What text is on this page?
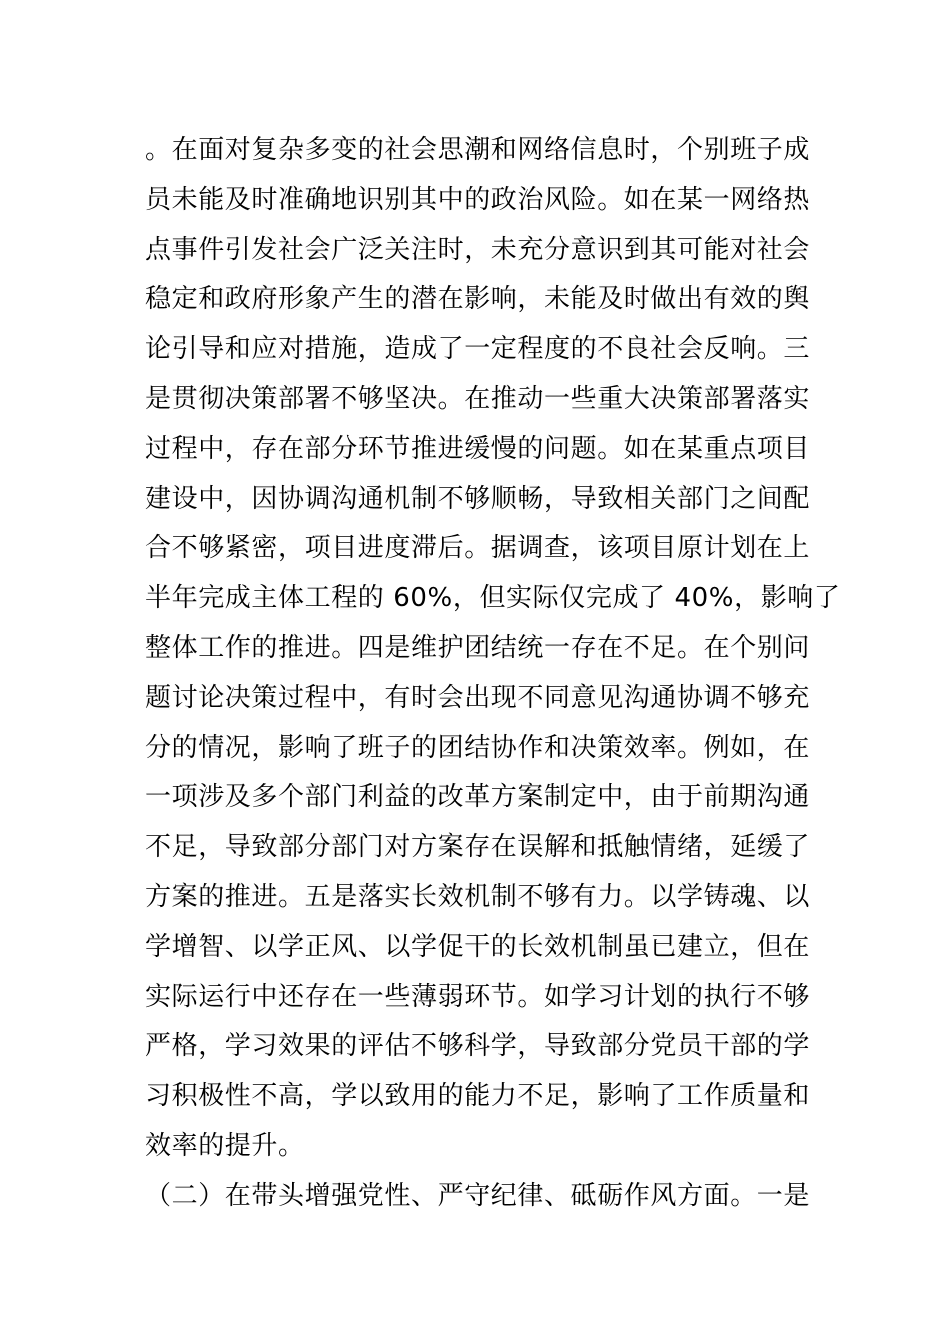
。在面对复杂多变的社会思潮和网络信息时，个别班子成
员未能及时准确地识别其中的政治风险。如在某一网络热
点事件引发社会广泛关注时，未充分意识到其可能对社会
稳定和政府形象产生的潜在影响，未能及时做出有效的舆
论引导和应对措施，造成了一定程度的不良社会反响。三
是贯彻决策部署不够坚决。在推动一些重大决策部署落实
过程中，存在部分环节推进缓慢的问题。如在某重点项目
建设中，因协调沟通机制不够顺畅，导致相关部门之间配
合不够紧密，项目进度滞后。据调查，该项目原计划在上
半年完成主体工程的 60%，但实际仅完成了 40%，影响了
整体工作的推进。四是维护团结统一存在不足。在个别问
题讨论决策过程中，有时会出现不同意见沟通协调不够充
分的情况，影响了班子的团结协作和决策效率。例如，在
一项涉及多个部门利益的改革方案制定中，由于前期沟通
不足，导致部分部门对方案存在误解和抵触情绪，延缓了
方案的推进。五是落实长效机制不够有力。以学铸魂、以
学增智、以学正风、以学促干的长效机制虽已建立，但在
实际运行中还存在一些薄弱环节。如学习计划的执行不够
严格，学习效果的评估不够科学，导致部分党员干部的学
习积极性不高，学以致用的能力不足，影响了工作质量和
效率的提升。
（二）在带头增强党性、严守纪律、砥砺作风方面。一是
